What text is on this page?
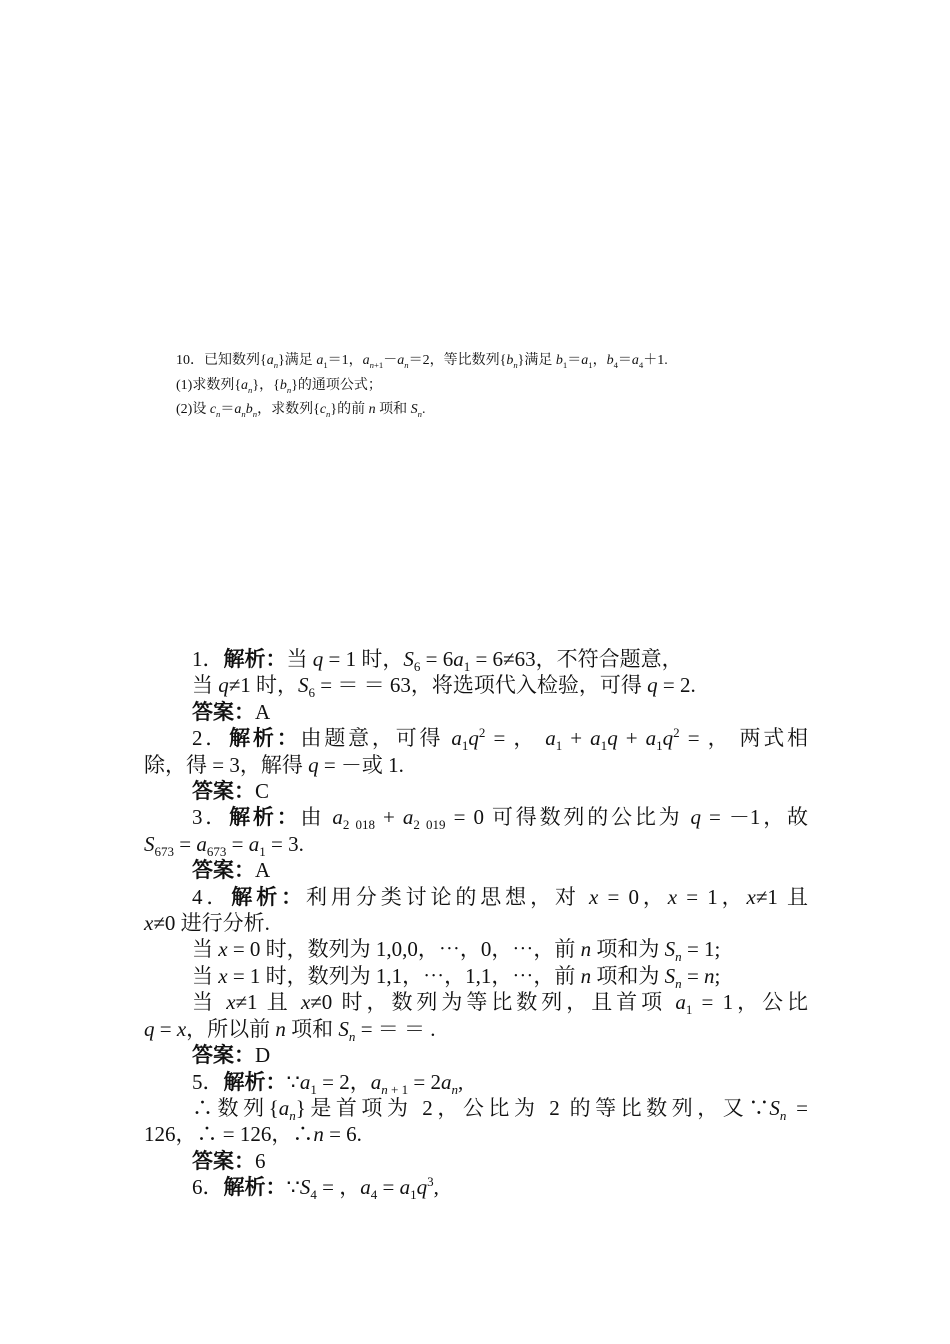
10．已知数列$\{a_n\}$满足 $a_1=1$，$a_{n+1}-a_n=2$，等比数列$\{b_n\}$满足 $b_1=a_1$，$b_4=a_4+1$.
(1)求数列$\{a_n\}$，$\{b_n\}$的通项公式；
(2)设 $c_n=a_nb_n$，求数列$\{c_n\}$的前 n 项和 $S_n$.
1．解析：当 q = 1 时，$S_6 = 6a_1 = 6\ne 63$，不符合题意，
当 q≠1 时，$S_6$ = ＝ ＝ 63，将选项代入检验，可得 q = 2.
答案：A
2．解析：由题意，可得 $a_1q^2$ = ， $a_1 + a_1q + a_1q^2$ = ， 两式相
除，得 = 3，解得 q = －或 1.
答案：C
3．解析：由 $a_{2 018} + a_{2 019} = 0$ 可得数列的公比为 q = －1，故
$S_{673} = a_{673} = a_1 = 3$.
答案：A
4．解析：利用分类讨论的思想，对 x = 0，x = 1，x≠1 且
x≠0 进行分析.
当 x = 0 时，数列为 1,0,0，⋯，0，⋯，前 n 项和为 $S_n = 1$;
当 x = 1 时，数列为 1,1，⋯，1,1，⋯，前 n 项和为 $S_n = n$;
当 x≠1 且 x≠0 时，数列为等比数列，且首项 $a_1 = 1$，公比
q = x，所以前 n 项和 $S_n$ = ＝ ＝ .
答案：D
5．解析：$\because a_1 = 2$，$a_n$ $_{+ 1} = 2a_n$,
∴数列$\{a_n\}$是首项为 2，公比为 2 的等比数列，又$\because S_n$ =
126，∴ = 126，∴n = 6.
答案：6
6．解析：$\because S_4$ = ，$a_4 = a_1q^3$,
